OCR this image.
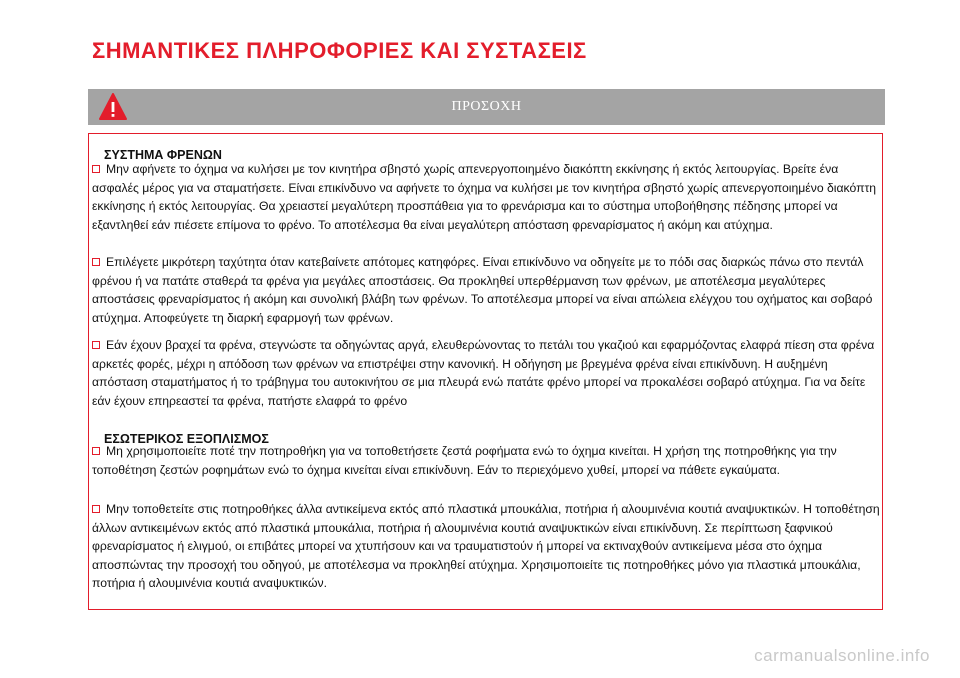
ΣΗΜΑΝΤΙΚΕΣ ΠΛΗΡΟΦΟΡΙΕΣ ΚΑΙ ΣΥΣΤΑΣΕΙΣ
ΠΡΟΣΟΧΗ
ΣΥΣΤΗΜΑ ΦΡΕΝΩΝ
Μην αφήνετε το όχημα να κυλήσει με τον κινητήρα σβηστό χωρίς απενεργοποιημένο διακόπτη εκκίνησης ή εκτός λειτουργίας. Βρείτε ένα ασφαλές μέρος για να σταματήσετε. Είναι επικίνδυνο να αφήνετε το όχημα να κυλήσει με τον κινητήρα σβηστό χωρίς απενεργοποιημένο διακόπτη εκκίνησης ή εκτός λειτουργίας. Θα χρειαστεί μεγαλύτερη προσπάθεια για το φρενάρισμα και το σύστημα υποβοήθησης πέδησης μπορεί να εξαντληθεί εάν πιέσετε επίμονα το φρένο. Το αποτέλεσμα θα είναι μεγαλύτερη απόσταση φρεναρίσματος ή ακόμη και ατύχημα.
Επιλέγετε μικρότερη ταχύτητα όταν κατεβαίνετε απότομες κατηφόρες. Είναι επικίνδυνο να οδηγείτε με το πόδι σας διαρκώς πάνω στο πεντάλ φρένου ή να πατάτε σταθερά τα φρένα για μεγάλες αποστάσεις. Θα προκληθεί υπερθέρμανση των φρένων, με αποτέλεσμα μεγαλύτερες αποστάσεις φρεναρίσματος ή ακόμη και συνολική βλάβη των φρένων. Το αποτέλεσμα μπορεί να είναι απώλεια ελέγχου του οχήματος και σοβαρό ατύχημα. Αποφεύγετε τη διαρκή εφαρμογή των φρένων.
Εάν έχουν βραχεί τα φρένα, στεγνώστε τα οδηγώντας αργά, ελευθερώνοντας το πετάλι του γκαζιού και εφαρμόζοντας ελαφρά πίεση στα φρένα αρκετές φορές, μέχρι η απόδοση των φρένων να επιστρέψει στην κανονική. Η οδήγηση με βρεγμένα φρένα είναι επικίνδυνη. Η αυξημένη απόσταση σταματήματος ή το τράβηγμα του αυτοκινήτου σε μια πλευρά ενώ πατάτε φρένο μπορεί να προκαλέσει σοβαρό ατύχημα. Για να δείτε εάν έχουν επηρεαστεί τα φρένα, πατήστε ελαφρά το φρένο
ΕΣΩΤΕΡΙΚΟΣ ΕΞΟΠΛΙΣΜΟΣ
Μη χρησιμοποιείτε ποτέ την ποτηροθήκη για να τοποθετήσετε ζεστά ροφήματα ενώ το όχημα κινείται. Η χρήση της ποτηροθήκης για την τοποθέτηση ζεστών ροφημάτων ενώ το όχημα κινείται είναι επικίνδυνη. Εάν το περιεχόμενο χυθεί, μπορεί να πάθετε εγκαύματα.
Μην τοποθετείτε στις ποτηροθήκες άλλα αντικείμενα εκτός από πλαστικά μπουκάλια, ποτήρια ή αλουμινένια κουτιά αναψυκτικών. Η τοποθέτηση άλλων αντικειμένων εκτός από πλαστικά μπουκάλια, ποτήρια ή αλουμινένια κουτιά αναψυκτικών είναι επικίνδυνη. Σε περίπτωση ξαφνικού φρεναρίσματος ή ελιγμού, οι επιβάτες μπορεί να χτυπήσουν και να τραυματιστούν ή μπορεί να εκτιναχθούν αντικείμενα μέσα στο όχημα αποσπώντας την προσοχή του οδηγού, με αποτέλεσμα να προκληθεί ατύχημα. Χρησιμοποιείτε τις ποτηροθήκες μόνο για πλαστικά μπουκάλια, ποτήρια ή αλουμινένια κουτιά αναψυκτικών.
carmanualsonline.info
